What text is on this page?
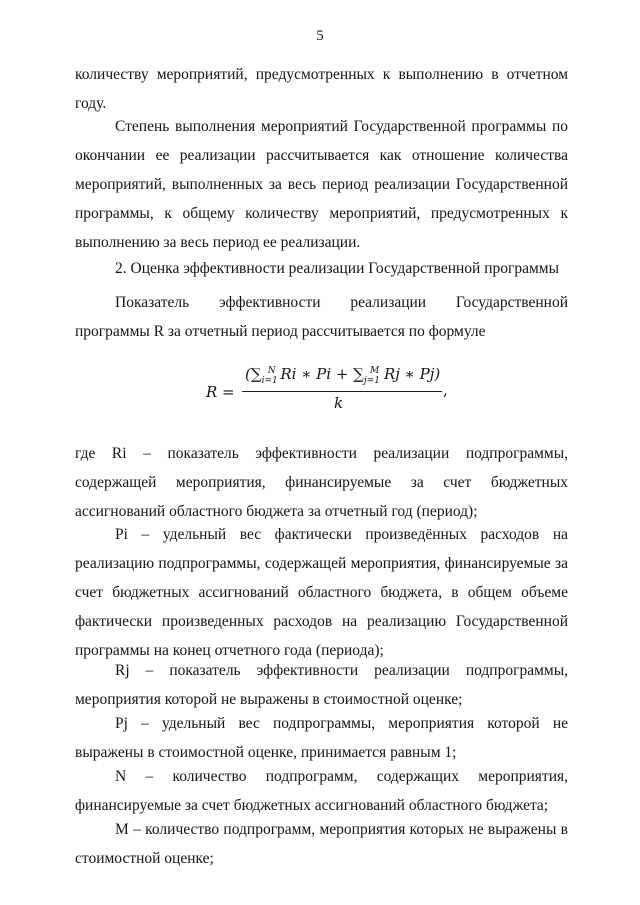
5

количеству мероприятий, предусмотренных к выполнению в отчетном году.

Степень выполнения мероприятий Государственной программы по окончании ее реализации рассчитывается как отношение количества мероприятий, выполненных за весь период реализации Государственной программы, к общему количеству мероприятий, предусмотренных к выполнению за весь период ее реализации.

2. Оценка эффективности реализации Государственной программы

Показатель эффективности реализации Государственной программы R за отчетный период рассчитывается по формуле

R =
($\sum_{i=1}^N$ Ri ∗ $Pi + \sum_{j=1}^M$ Rj ∗ Pj)
k
,

где Ri – показатель эффективности реализации подпрограммы, содержащей мероприятия, финансируемые за счет бюджетных ассигнований областного бюджета за отчетный год (период);

Pi – удельный вес фактически произведённых расходов на реализацию подпрограммы, содержащей мероприятия, финансируемые за счет бюджетных ассигнований областного бюджета, в общем объеме фактически произведенных расходов на реализацию Государственной программы на конец отчетного года (периода);

Rj – показатель эффективности реализации подпрограммы, мероприятия которой не выражены в стоимостной оценке;

Pj – удельный вес подпрограммы, мероприятия которой не выражены в стоимостной оценке, принимается равным 1;

N – количество подпрограмм, содержащих мероприятия, финансируемые за счет бюджетных ассигнований областного бюджета;

M – количество подпрограмм, мероприятия которых не выражены в стоимостной оценке;
